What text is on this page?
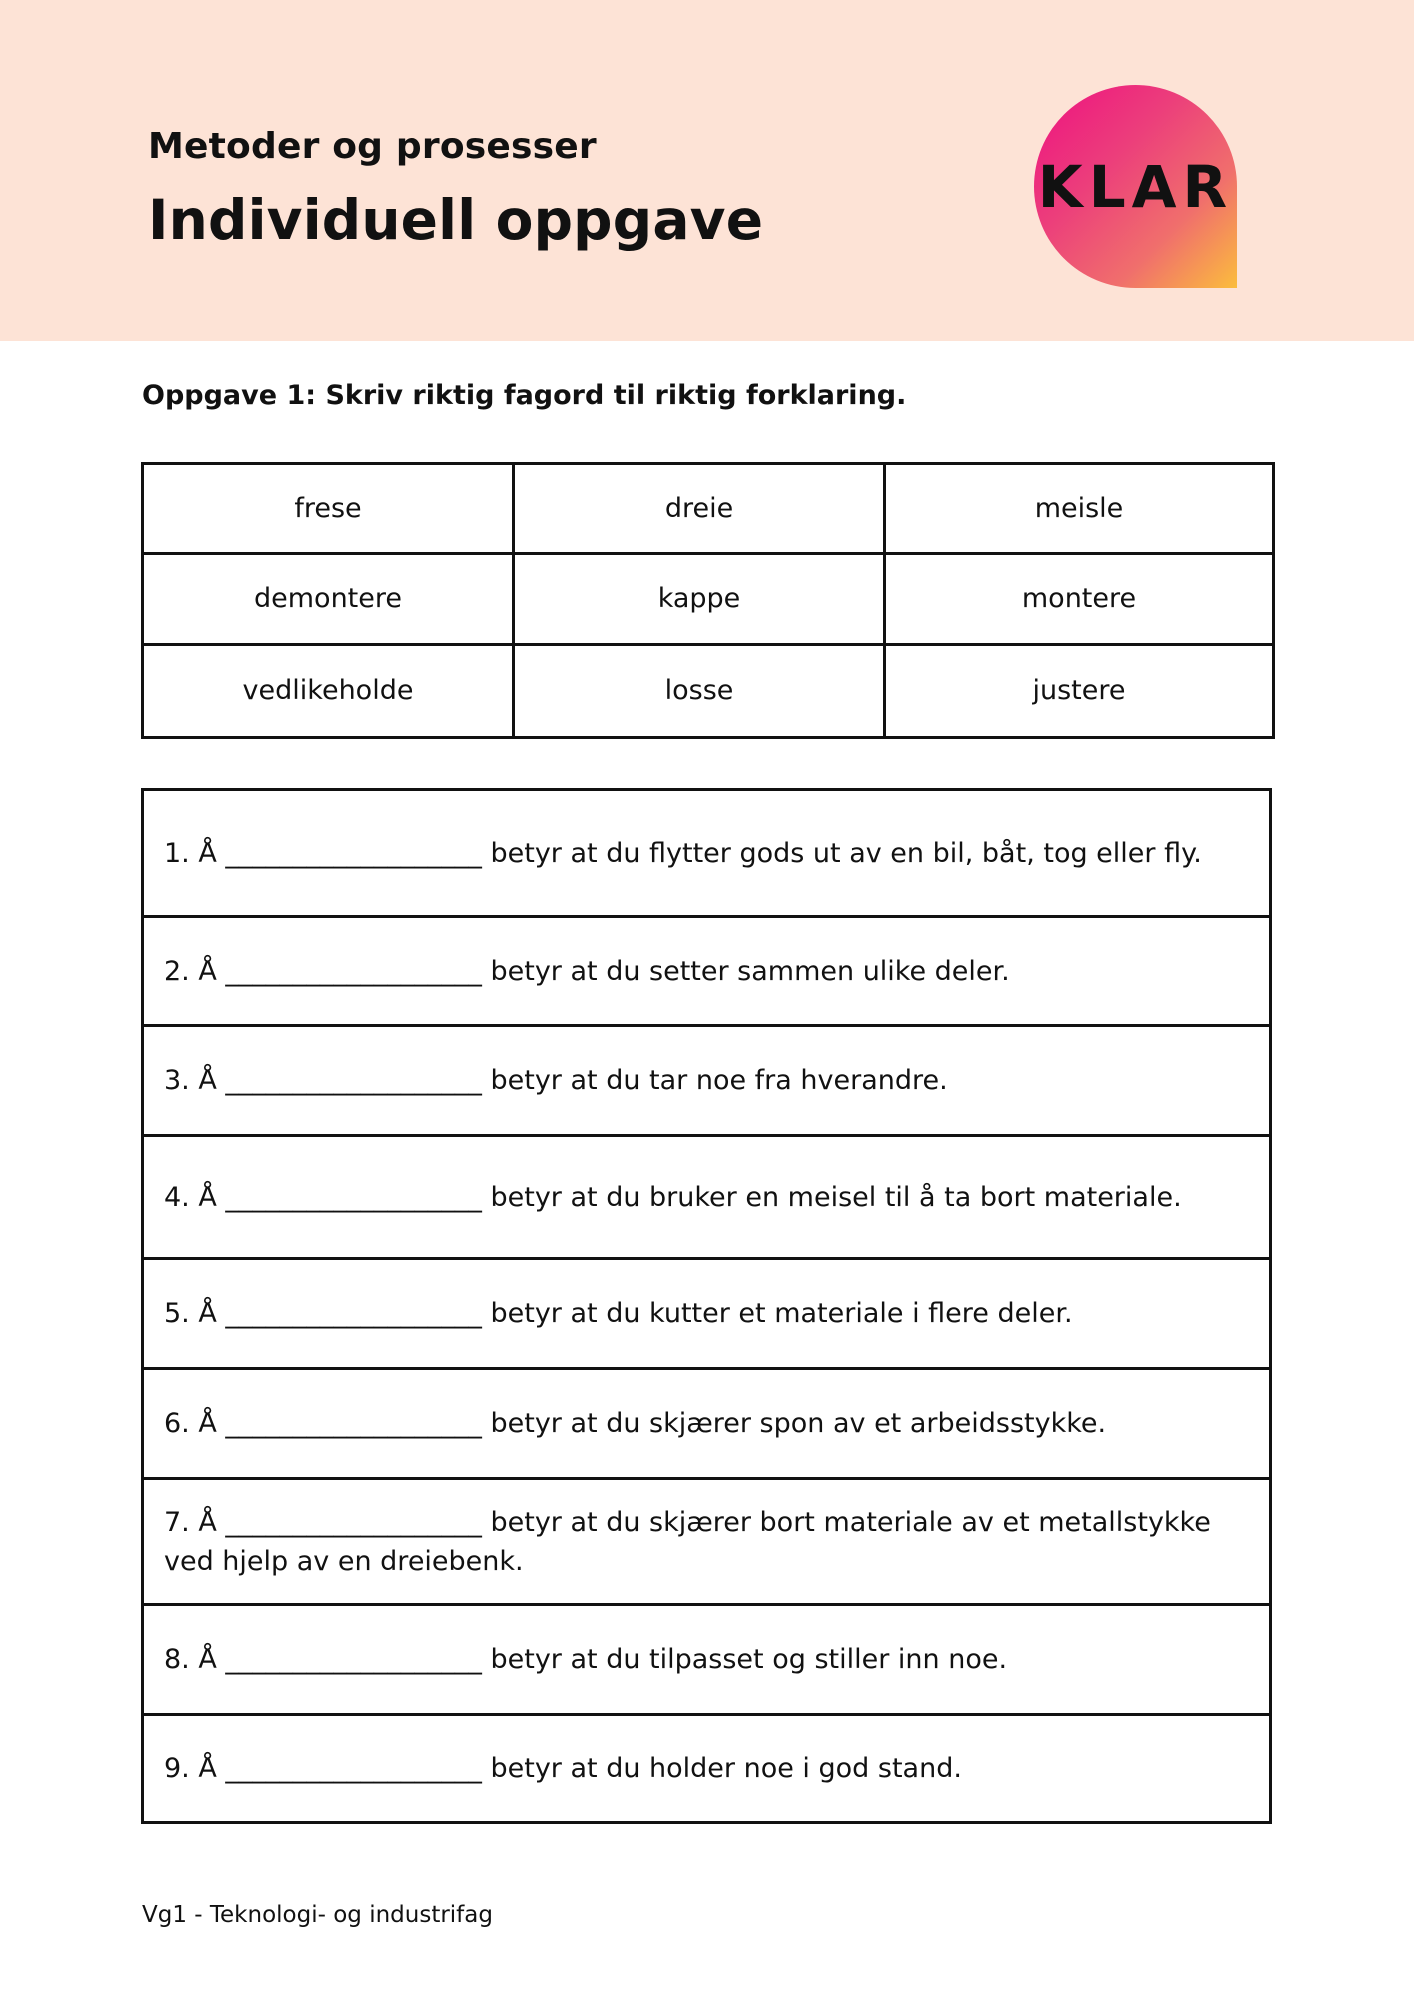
Metoder og prosesser
Individuell oppgave	KLAR
Oppgave 1: Skriv riktig fagord til riktig forklaring.
frese	dreie	meisle
demontere	kappe	montere
vedlikeholde	losse	justere
1. Å ___________________ betyr at du flytter gods ut av en bil, båt, tog eller fly.
2. Å ___________________ betyr at du setter sammen ulike deler.
3. Å ___________________ betyr at du tar noe fra hverandre.
4. Å ___________________ betyr at du bruker en meisel til å ta bort materiale.
5. Å ___________________ betyr at du kutter et materiale i flere deler.
6. Å ___________________ betyr at du skjærer spon av et arbeidsstykke.
7. Å ___________________ betyr at du skjærer bort materiale av et metallstykke ved hjelp av en dreiebenk.
8. Å ___________________ betyr at du tilpasset og stiller inn noe.
9. Å ___________________ betyr at du holder noe i god stand.
Vg1 - Teknologi- og industrifag
